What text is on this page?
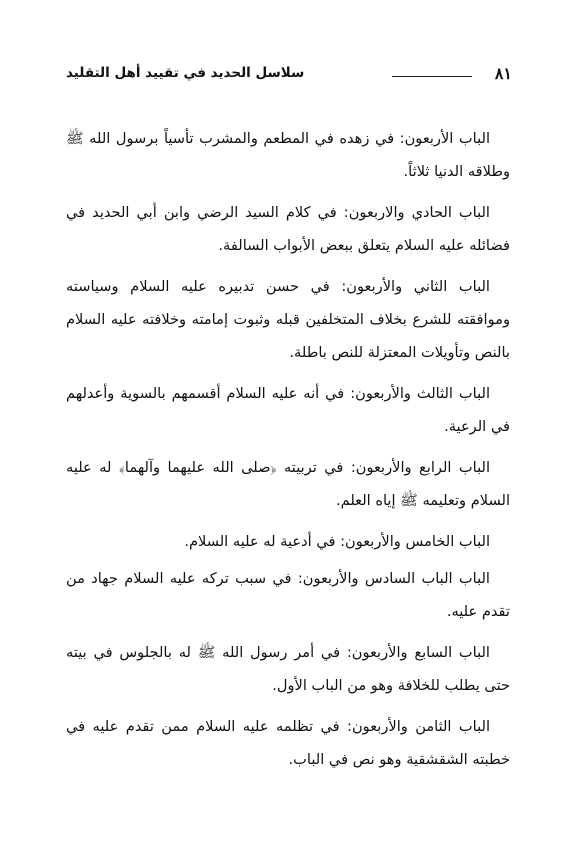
٨١
سلاسل الحديد في تقييد أهل التقليد

الباب الأربعون: في زهده في المطعم والمشرب تأسياً برسول الله ﷺ وطلاقه الدنيا ثلاثاً.

الباب الحادي والاربعون: في كلام السيد الرضي وابن أبي الحديد في فضائله عليه السلام يتعلق ببعض الأبواب السالفة.

الباب الثاني والأربعون: في حسن تدبيره عليه السلام وسياسته وموافقته للشرع بخلاف المتخلفين قبله وثبوت إمامته وخلافته عليه السلام بالنص وتأويلات المعتزلة للنص باطلة.

الباب الثالث والأربعون: في أنه عليه السلام أقسمهم بالسوية وأعدلهم في الرعية.

الباب الرابع والأربعون: في تربيته ﴿صلى الله عليهما وآلهما﴾ له عليه السلام وتعليمه ﷺ إياه العلم.

الباب الخامس والأربعون: في أدعية له عليه السلام.

الباب الباب السادس والأربعون: في سبب تركه عليه السلام جهاد من تقدم عليه.

الباب السابع والأربعون: في أمر رسول الله ﷺ له بالجلوس في بيته حتى يطلب للخلافة وهو من الباب الأول.

الباب الثامن والأربعون: في تظلمه عليه السلام ممن تقدم عليه في خطبته الشقشقية وهو نص في الباب.
